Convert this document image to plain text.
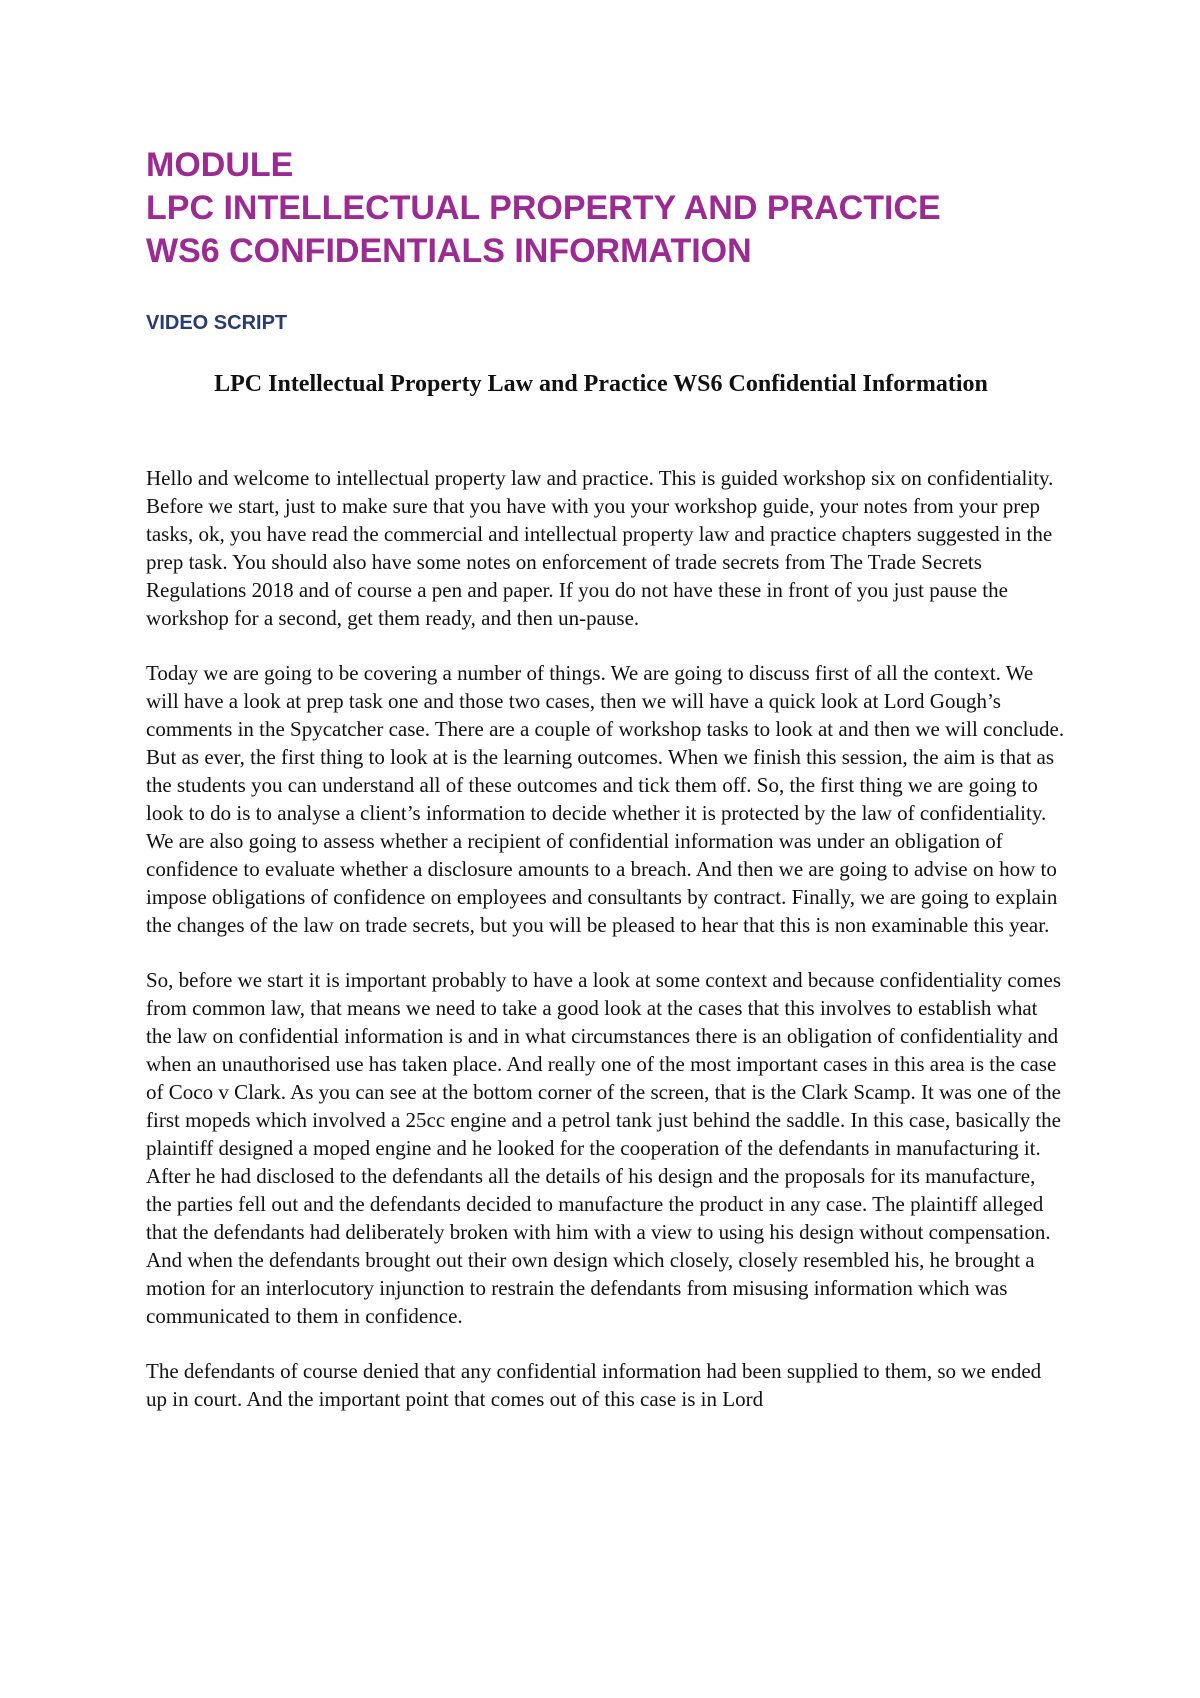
MODULE

LPC INTELLECTUAL PROPERTY AND PRACTICE

WS6 CONFIDENTIALS INFORMATION

VIDEO SCRIPT

LPC Intellectual Property Law and Practice WS6 Confidential Information

Hello and welcome to intellectual property law and practice. This is guided workshop six on confidentiality. Before we start, just to make sure that you have with you your workshop guide, your notes from your prep tasks, ok, you have read the commercial and intellectual property law and practice chapters suggested in the prep task. You should also have some notes on enforcement of trade secrets from The Trade Secrets Regulations 2018 and of course a pen and paper. If you do not have these in front of you just pause the workshop for a second, get them ready, and then un-pause.

Today we are going to be covering a number of things. We are going to discuss first of all the context. We will have a look at prep task one and those two cases, then we will have a quick look at Lord Gough’s comments in the Spycatcher case. There are a couple of workshop tasks to look at and then we will conclude. But as ever, the first thing to look at is the learning outcomes. When we finish this session, the aim is that as the students you can understand all of these outcomes and tick them off. So, the first thing we are going to look to do is to analyse a client’s information to decide whether it is protected by the law of confidentiality. We are also going to assess whether a recipient of confidential information was under an obligation of confidence to evaluate whether a disclosure amounts to a breach. And then we are going to advise on how to impose obligations of confidence on employees and consultants by contract. Finally, we are going to explain the changes of the law on trade secrets, but you will be pleased to hear that this is non examinable this year.

So, before we start it is important probably to have a look at some context and because confidentiality comes from common law, that means we need to take a good look at the cases that this involves to establish what the law on confidential information is and in what circumstances there is an obligation of confidentiality and when an unauthorised use has taken place. And really one of the most important cases in this area is the case of Coco v Clark. As you can see at the bottom corner of the screen, that is the Clark Scamp. It was one of the first mopeds which involved a 25cc engine and a petrol tank just behind the saddle. In this case, basically the plaintiff designed a moped engine and he looked for the cooperation of the defendants in manufacturing it. After he had disclosed to the defendants all the details of his design and the proposals for its manufacture, the parties fell out and the defendants decided to manufacture the product in any case. The plaintiff alleged that the defendants had deliberately broken with him with a view to using his design without compensation. And when the defendants brought out their own design which closely, closely resembled his, he brought a motion for an interlocutory injunction to restrain the defendants from misusing information which was communicated to them in confidence.

The defendants of course denied that any confidential information had been supplied to them, so we ended up in court. And the important point that comes out of this case is in Lord
